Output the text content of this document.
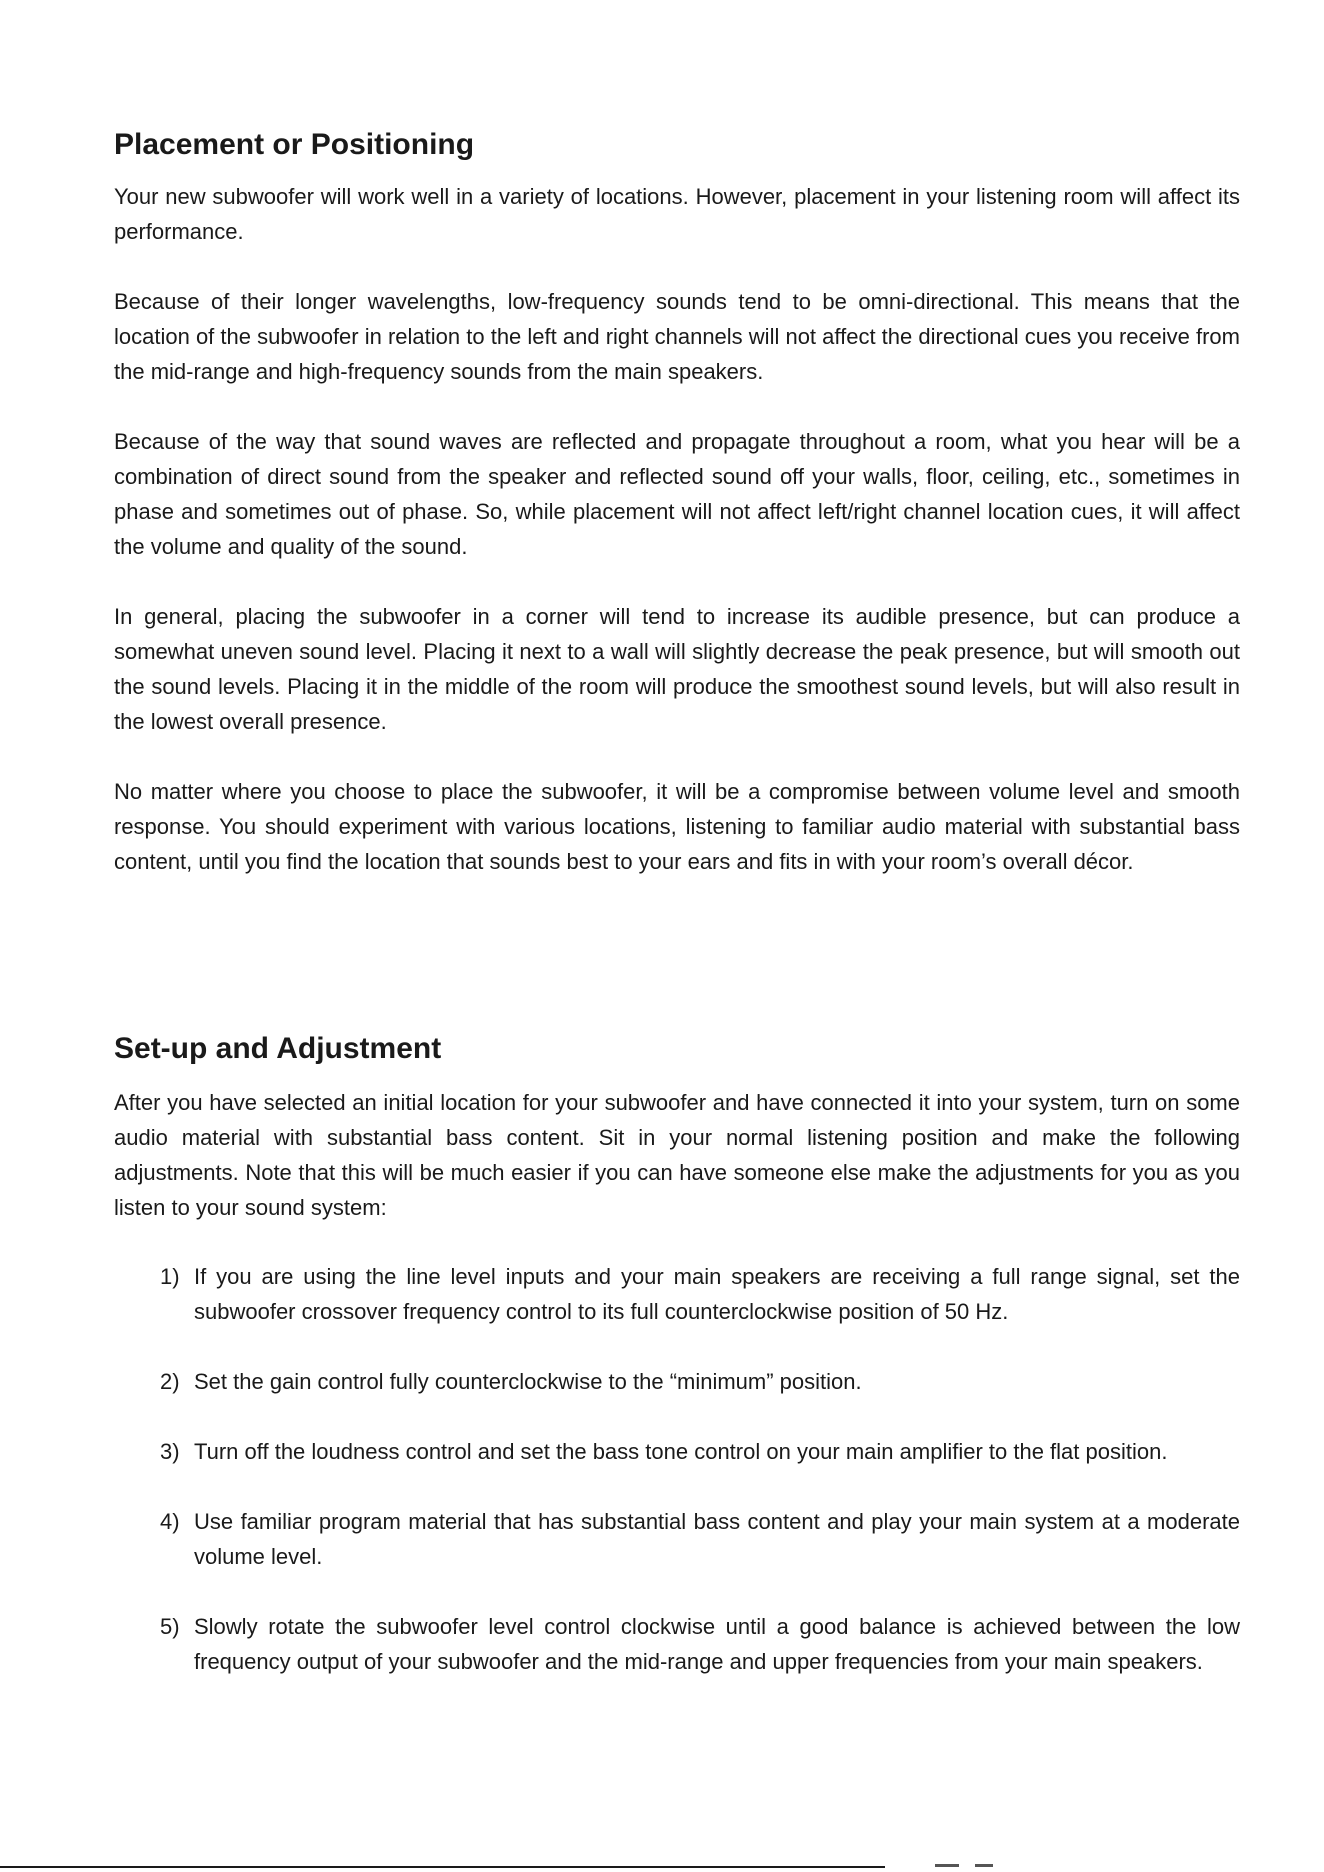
Placement or Positioning

Your new subwoofer will work well in a variety of locations. However, placement in your listening room will affect its performance.

Because of their longer wavelengths, low-frequency sounds tend to be omni-directional. This means that the location of the subwoofer in relation to the left and right channels will not affect the directional cues you receive from the mid-range and high-frequency sounds from the main speakers.

Because of the way that sound waves are reflected and propagate throughout a room, what you hear will be a combination of direct sound from the speaker and reflected sound off your walls, floor, ceiling, etc., sometimes in phase and sometimes out of phase. So, while placement will not affect left/right channel location cues, it will affect the volume and quality of the sound.

In general, placing the subwoofer in a corner will tend to increase its audible presence, but can produce a somewhat uneven sound level. Placing it next to a wall will slightly decrease the peak presence, but will smooth out the sound levels. Placing it in the middle of the room will produce the smoothest sound levels, but will also result in the lowest overall presence.

No matter where you choose to place the subwoofer, it will be a compromise between volume level and smooth response. You should experiment with various locations, listening to familiar audio material with substantial bass content, until you find the location that sounds best to your ears and fits in with your room’s overall décor.

Set-up and Adjustment

After you have selected an initial location for your subwoofer and have connected it into your system, turn on some audio material with substantial bass content. Sit in your normal listening position and make the following adjustments. Note that this will be much easier if you can have someone else make the adjustments for you as you listen to your sound system:

1) If you are using the line level inputs and your main speakers are receiving a full range signal, set the subwoofer crossover frequency control to its full counterclockwise position of 50 Hz.
2) Set the gain control fully counterclockwise to the “minimum” position.
3) Turn off the loudness control and set the bass tone control on your main amplifier to the flat position.
4) Use familiar program material that has substantial bass content and play your main system at a moderate volume level.
5) Slowly rotate the subwoofer level control clockwise until a good balance is achieved between the low frequency output of your subwoofer and the mid-range and upper frequencies from your main speakers.
